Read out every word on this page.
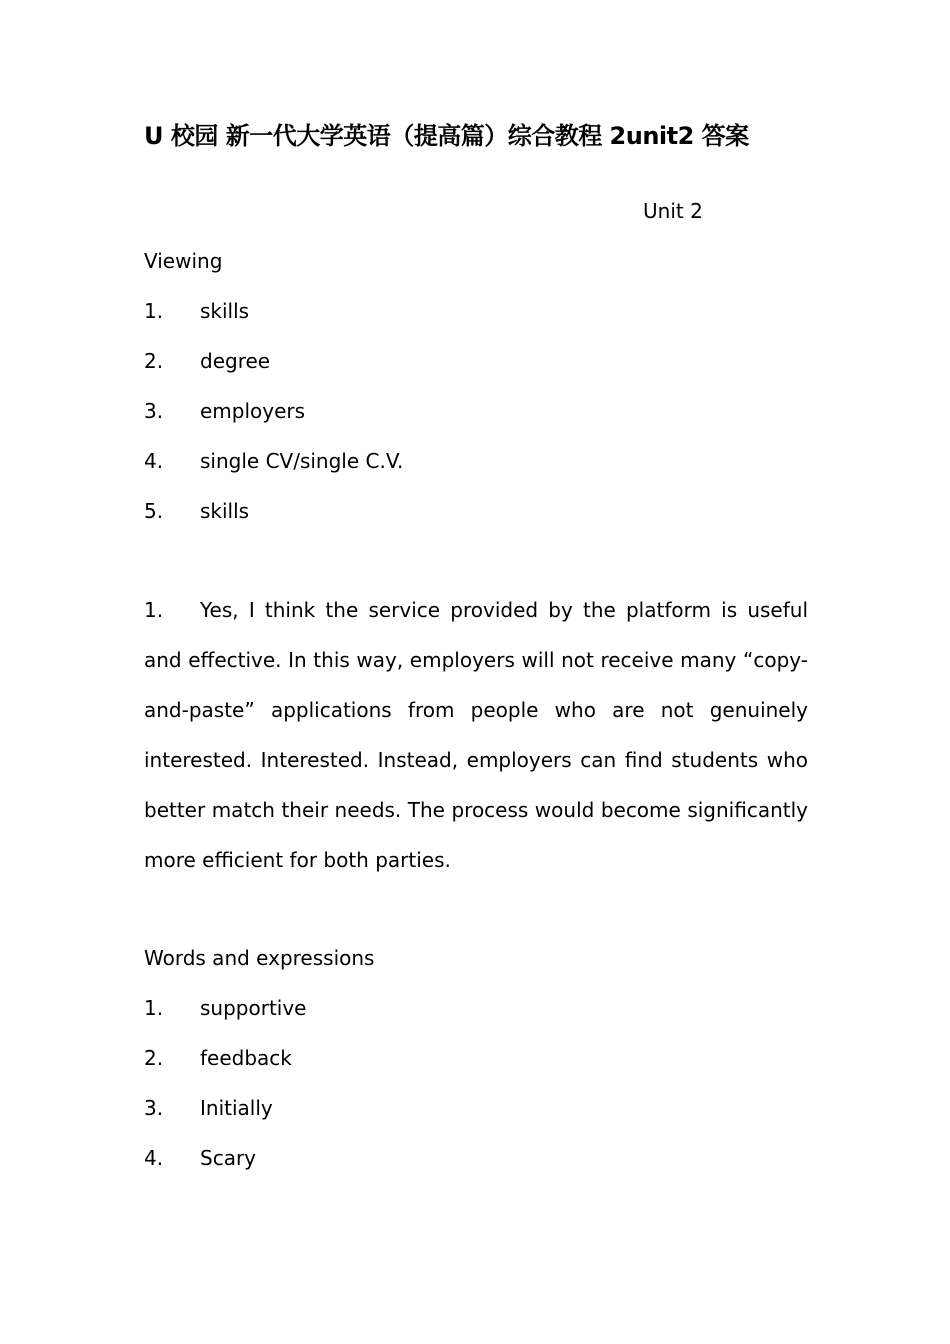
U 校园 新一代大学英语（提高篇）综合教程 2unit2 答案
Unit 2
Viewing
1. skills
2. degree
3. employers
4. single CV/single C.V.
5. skills
1. Yes, I think the service provided by the platform is useful and effective. In this way, employers will not receive many “copy-and-paste” applications from people who are not genuinely interested. Interested. Instead, employers can find students who better match their needs. The process would become significantly more efficient for both parties.
Words and expressions
1. supportive
2. feedback
3. Initially
4. Scary
